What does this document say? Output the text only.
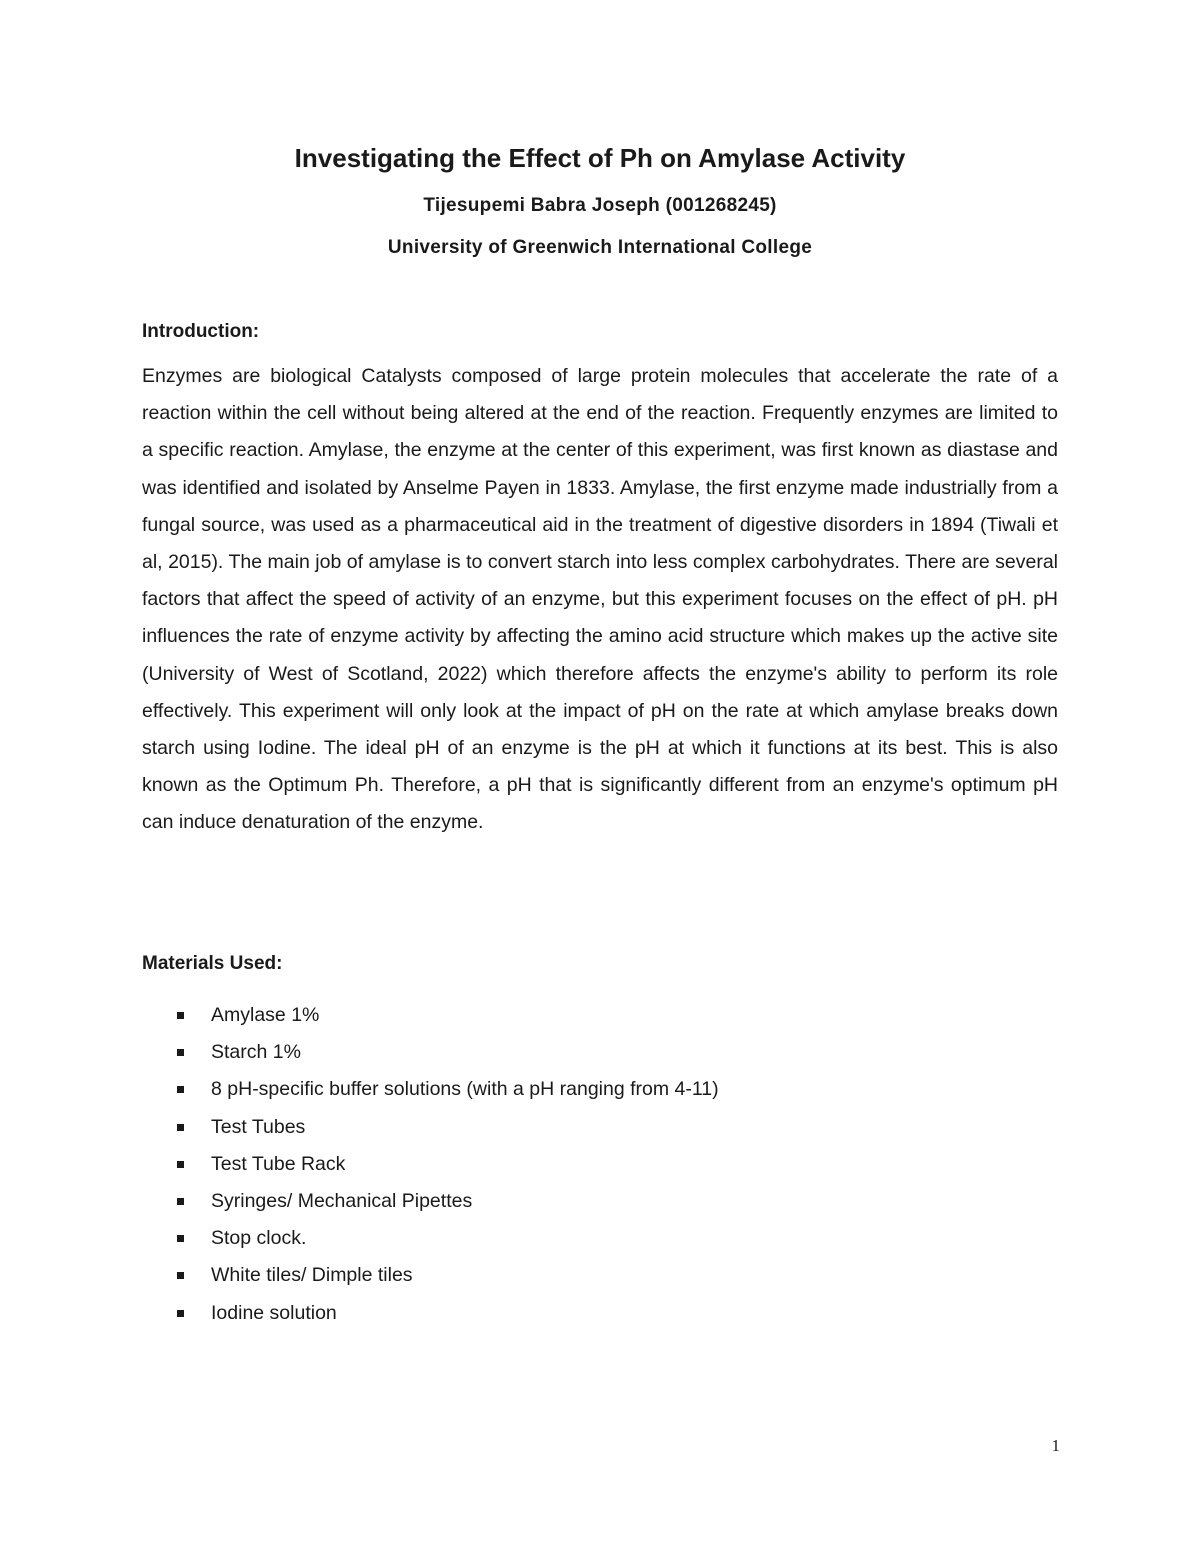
Investigating the Effect of Ph on Amylase Activity

Tijesupemi Babra Joseph (001268245)

University of Greenwich International College

Introduction:

Enzymes are biological Catalysts composed of large protein molecules that accelerate the rate of a reaction within the cell without being altered at the end of the reaction. Frequently enzymes are limited to a specific reaction. Amylase, the enzyme at the center of this experiment, was first known as diastase and was identified and isolated by Anselme Payen in 1833. Amylase, the first enzyme made industrially from a fungal source, was used as a pharmaceutical aid in the treatment of digestive disorders in 1894 (Tiwali et al, 2015). The main job of amylase is to convert starch into less complex carbohydrates. There are several factors that affect the speed of activity of an enzyme, but this experiment focuses on the effect of pH. pH influences the rate of enzyme activity by affecting the amino acid structure which makes up the active site (University of West of Scotland, 2022) which therefore affects the enzyme's ability to perform its role effectively. This experiment will only look at the impact of pH on the rate at which amylase breaks down starch using Iodine. The ideal pH of an enzyme is the pH at which it functions at its best. This is also known as the Optimum Ph. Therefore, a pH that is significantly different from an enzyme's optimum pH can induce denaturation of the enzyme.

Materials Used:
Amylase 1%
Starch 1%
8 pH-specific buffer solutions (with a pH ranging from 4-11)
Test Tubes
Test Tube Rack
Syringes/ Mechanical Pipettes
Stop clock.
White tiles/ Dimple tiles
Iodine solution

1
